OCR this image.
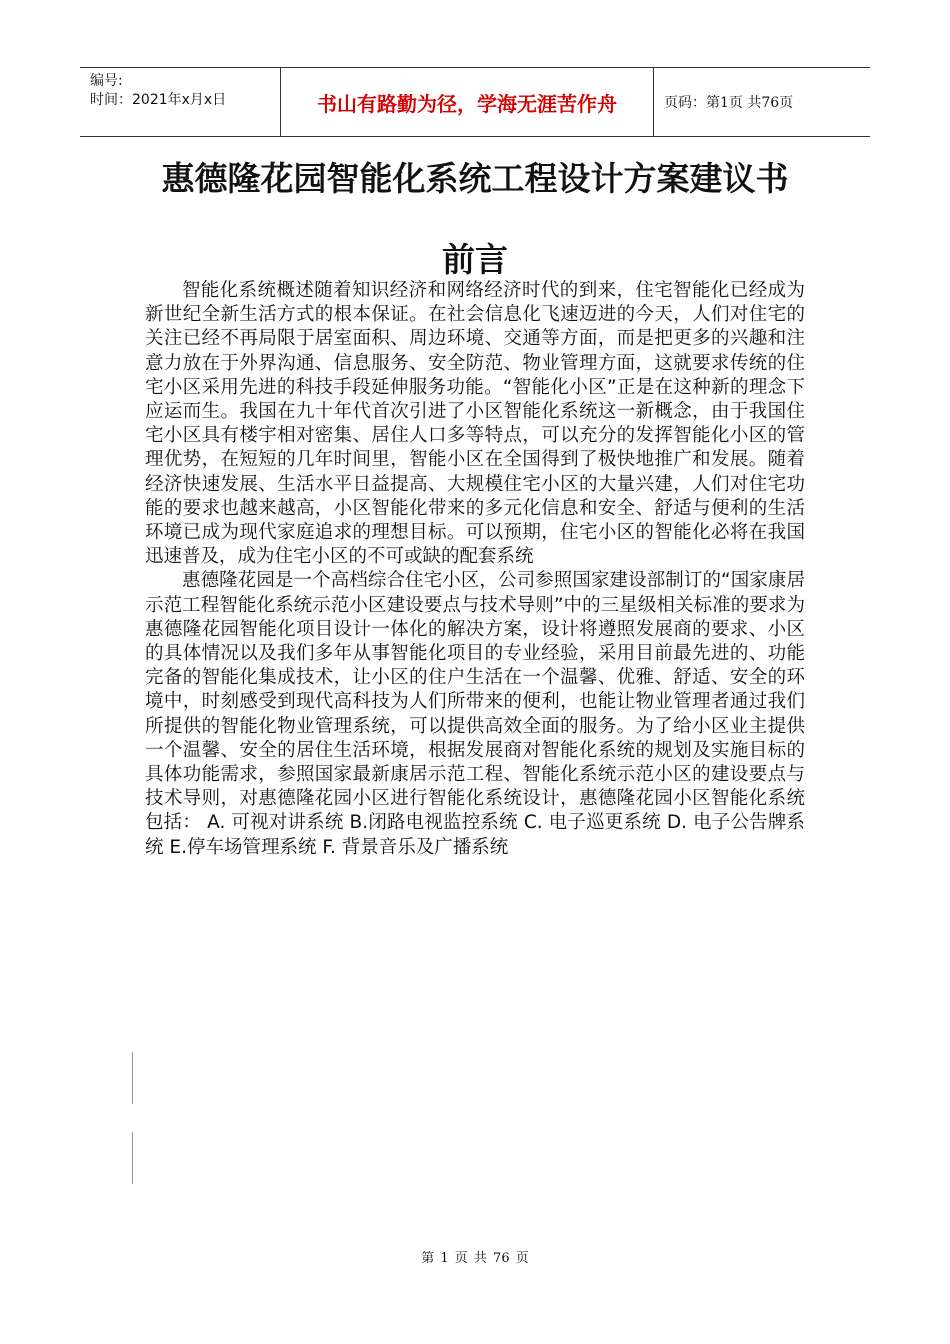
编号:
时间：2021年x月x日	书山有路勤为径，学海无涯苦作舟	页码：第1页 共76页
惠德隆花园智能化系统工程设计方案建议书
前言

智能化系统概述随着知识经济和网络经济时代的到来，住宅智能化已经成为新世纪全新生活方式的根本保证。在社会信息化飞速迈进的今天，人们对住宅的关注已经不再局限于居室面积、周边环境、交通等方面，而是把更多的兴趣和注意力放在于外界沟通、信息服务、安全防范、物业管理方面，这就要求传统的住宅小区采用先进的科技手段延伸服务功能。“智能化小区”正是在这种新的理念下应运而生。我国在九十年代首次引进了小区智能化系统这一新概念，由于我国住宅小区具有楼宇相对密集、居住人口多等特点，可以充分的发挥智能化小区的管理优势，在短短的几年时间里，智能小区在全国得到了极快地推广和发展。随着经济快速发展、生活水平日益提高、大规模住宅小区的大量兴建，人们对住宅功能的要求也越来越高，小区智能化带来的多元化信息和安全、舒适与便利的生活环境已成为现代家庭追求的理想目标。可以预期，住宅小区的智能化必将在我国迅速普及，成为住宅小区的不可或缺的配套系统

惠德隆花园是一个高档综合住宅小区，公司参照国家建设部制订的“国家康居示范工程智能化系统示范小区建设要点与技术导则”中的三星级相关标准的要求为惠德隆花园智能化项目设计一体化的解决方案，设计将遵照发展商的要求、小区的具体情况以及我们多年从事智能化项目的专业经验，采用目前最先进的、功能完备的智能化集成技术，让小区的住户生活在一个温馨、优雅、舒适、安全的环境中，时刻感受到现代高科技为人们所带来的便利，也能让物业管理者通过我们所提供的智能化物业管理系统，可以提供高效全面的服务。为了给小区业主提供一个温馨、安全的居住生活环境，根据发展商对智能化系统的规划及实施目标的具体功能需求，参照国家最新康居示范工程、智能化系统示范小区的建设要点与技术导则，对惠德隆花园小区进行智能化系统设计，惠德隆花园小区智能化系统包括： A. 可视对讲系统 B.闭路电视监控系统 C. 电子巡更系统 D. 电子公告牌系统 E.停车场管理系统 F. 背景音乐及广播系统

第 1 页 共 76 页
